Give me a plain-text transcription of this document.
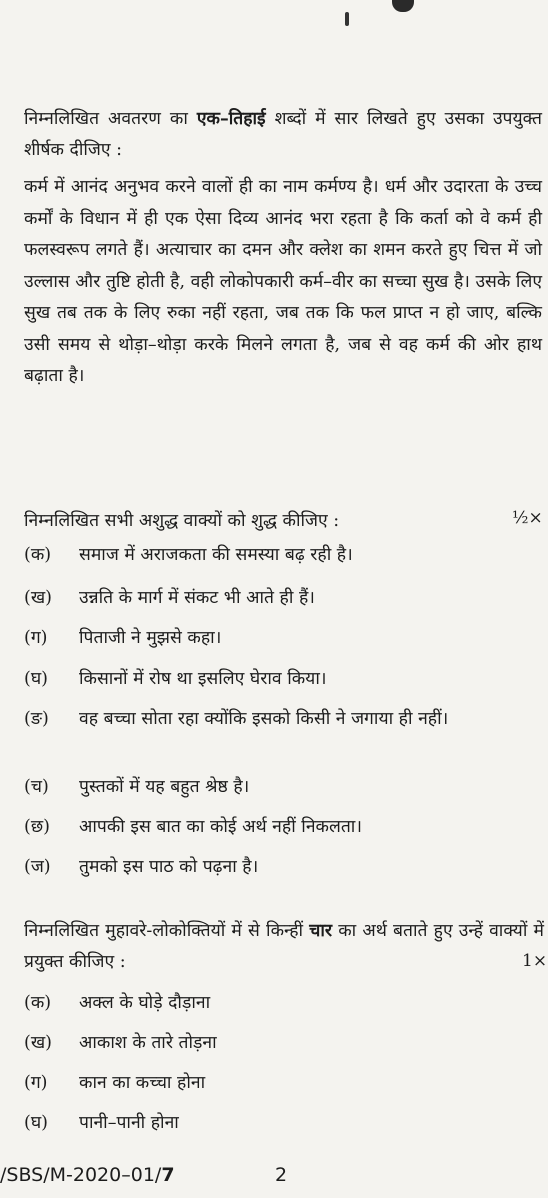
निम्नलिखित अवतरण का एक–तिहाई शब्दों में सार लिखते हुए उसका उपयुक्त शीर्षक दीजिए :

कर्म में आनंद अनुभव करने वालों ही का नाम कर्मण्य है। धर्म और उदारता के उच्च कर्मों के विधान में ही एक ऐसा दिव्य आनंद भरा रहता है कि कर्ता को वे कर्म ही फलस्वरूप लगते हैं। अत्याचार का दमन और क्लेश का शमन करते हुए चित्त में जो उल्लास और तुष्टि होती है, वही लोकोपकारी कर्म–वीर का सच्चा सुख है। उसके लिए सुख तब तक के लिए रुका नहीं रहता, जब तक कि फल प्राप्त न हो जाए, बल्कि उसी समय से थोड़ा–थोड़ा करके मिलने लगता है, जब से वह कर्म की ओर हाथ बढ़ाता है।

निम्नलिखित सभी अशुद्ध वाक्यों को शुद्ध कीजिए :	½×
(क)	समाज में अराजकता की समस्या बढ़ रही है।
(ख)	उन्नति के मार्ग में संकट भी आते ही हैं।
(ग)	पिताजी ने मुझसे कहा।
(घ)	किसानों में रोष था इसलिए घेराव किया।
(ङ)	वह बच्चा सोता रहा क्योंकि इसको किसी ने जगाया ही नहीं।
(च)	पुस्तकों में यह बहुत श्रेष्ठ है।
(छ)	आपकी इस बात का कोई अर्थ नहीं निकलता।
(ज)	तुमको इस पाठ को पढ़ना है।

निम्नलिखित मुहावरे-लोकोक्तियों में से किन्हीं चार का अर्थ बताते हुए उन्हें वाक्यों में प्रयुक्त कीजिए :	1×
(क)	अक्ल के घोड़े दौड़ाना
(ख)	आकाश के तारे तोड़ना
(ग)	कान का कच्चा होना
(घ)	पानी–पानी होना
/SBS/M-2020–01/7	2
